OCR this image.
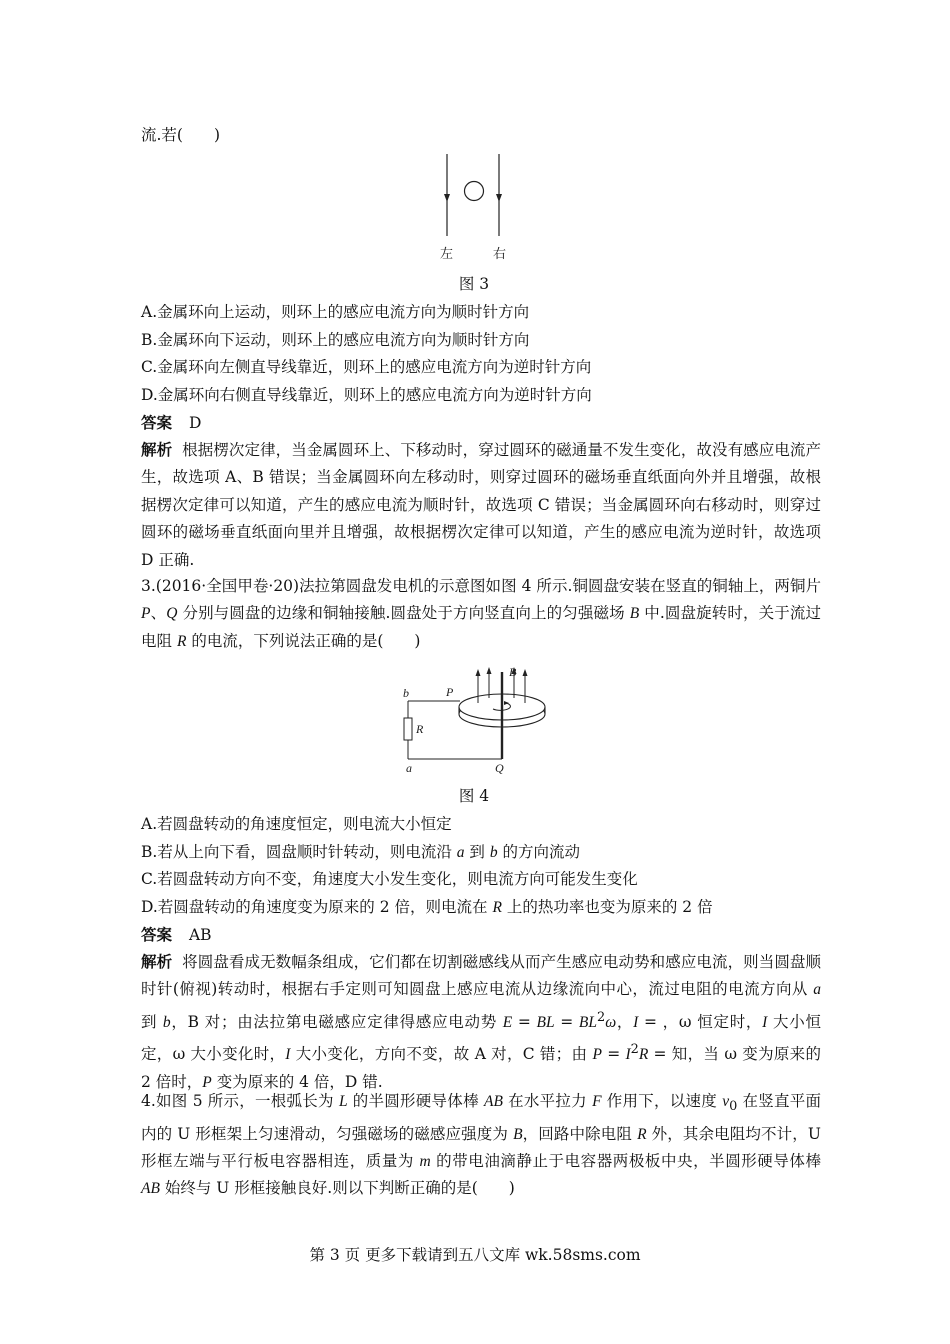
流.若(　　)
左	右
图 3
A.金属环向上运动，则环上的感应电流方向为顺时针方向
B.金属环向下运动，则环上的感应电流方向为顺时针方向
C.金属环向左侧直导线靠近，则环上的感应电流方向为逆时针方向
D.金属环向右侧直导线靠近，则环上的感应电流方向为逆时针方向
答案 D
解析 根据楞次定律，当金属圆环上、下移动时，穿过圆环的磁通量不发生变化，故没有感应电流产生，故选项 A、B 错误；当金属圆环向左移动时，则穿过圆环的磁场垂直纸面向外并且增强，故根据楞次定律可以知道，产生的感应电流为顺时针，故选项 C 错误；当金属圆环向右移动时，则穿过圆环的磁场垂直纸面向里并且增强，故根据楞次定律可以知道，产生的感应电流为逆时针，故选项 D 正确.
3.(2016·全国甲卷·20)法拉第圆盘发电机的示意图如图 4 所示.铜圆盘安装在竖直的铜轴上，两铜片 P、Q 分别与圆盘的边缘和铜轴接触.圆盘处于方向竖直向上的匀强磁场 B 中.圆盘旋转时，关于流过电阻 R 的电流，下列说法正确的是(　　)
b	P
B
R
a	Q
图 4
A.若圆盘转动的角速度恒定，则电流大小恒定
B.若从上向下看，圆盘顺时针转动，则电流沿 a 到 b 的方向流动
C.若圆盘转动方向不变，角速度大小发生变化，则电流方向可能发生变化
D.若圆盘转动的角速度变为原来的 2 倍，则电流在 R 上的热功率也变为原来的 2 倍
答案 AB
解析 将圆盘看成无数幅条组成，它们都在切割磁感线从而产生感应电动势和感应电流，则当圆盘顺时针(俯视)转动时，根据右手定则可知圆盘上感应电流从边缘流向中心，流过电阻的电流方向从 a 到 b，B 对；由法拉第电磁感应定律得感应电动势 E = BL = $BL^2\omega$，I = ，ω 恒定时，I 大小恒定，ω 大小变化时，I 大小变化，方向不变，故 A 对，C 错；由 $P = I^2R$ = 知，当 ω 变为原来的 2 倍时，P 变为原来的 4 倍，D 错.
4.如图 5 所示，一根弧长为 L 的半圆形硬导体棒 AB 在水平拉力 F 作用下，以速度 $v_0$ 在竖直平面内的 U 形框架上匀速滑动，匀强磁场的磁感应强度为 B，回路中除电阻 R 外，其余电阻均不计，U 形框左端与平行板电容器相连，质量为 m 的带电油滴静止于电容器两极板中央，半圆形硬导体棒 AB 始终与 U 形框接触良好.则以下判断正确的是(　　)
第 3 页 更多下载请到五八文库 wk.58sms.com
